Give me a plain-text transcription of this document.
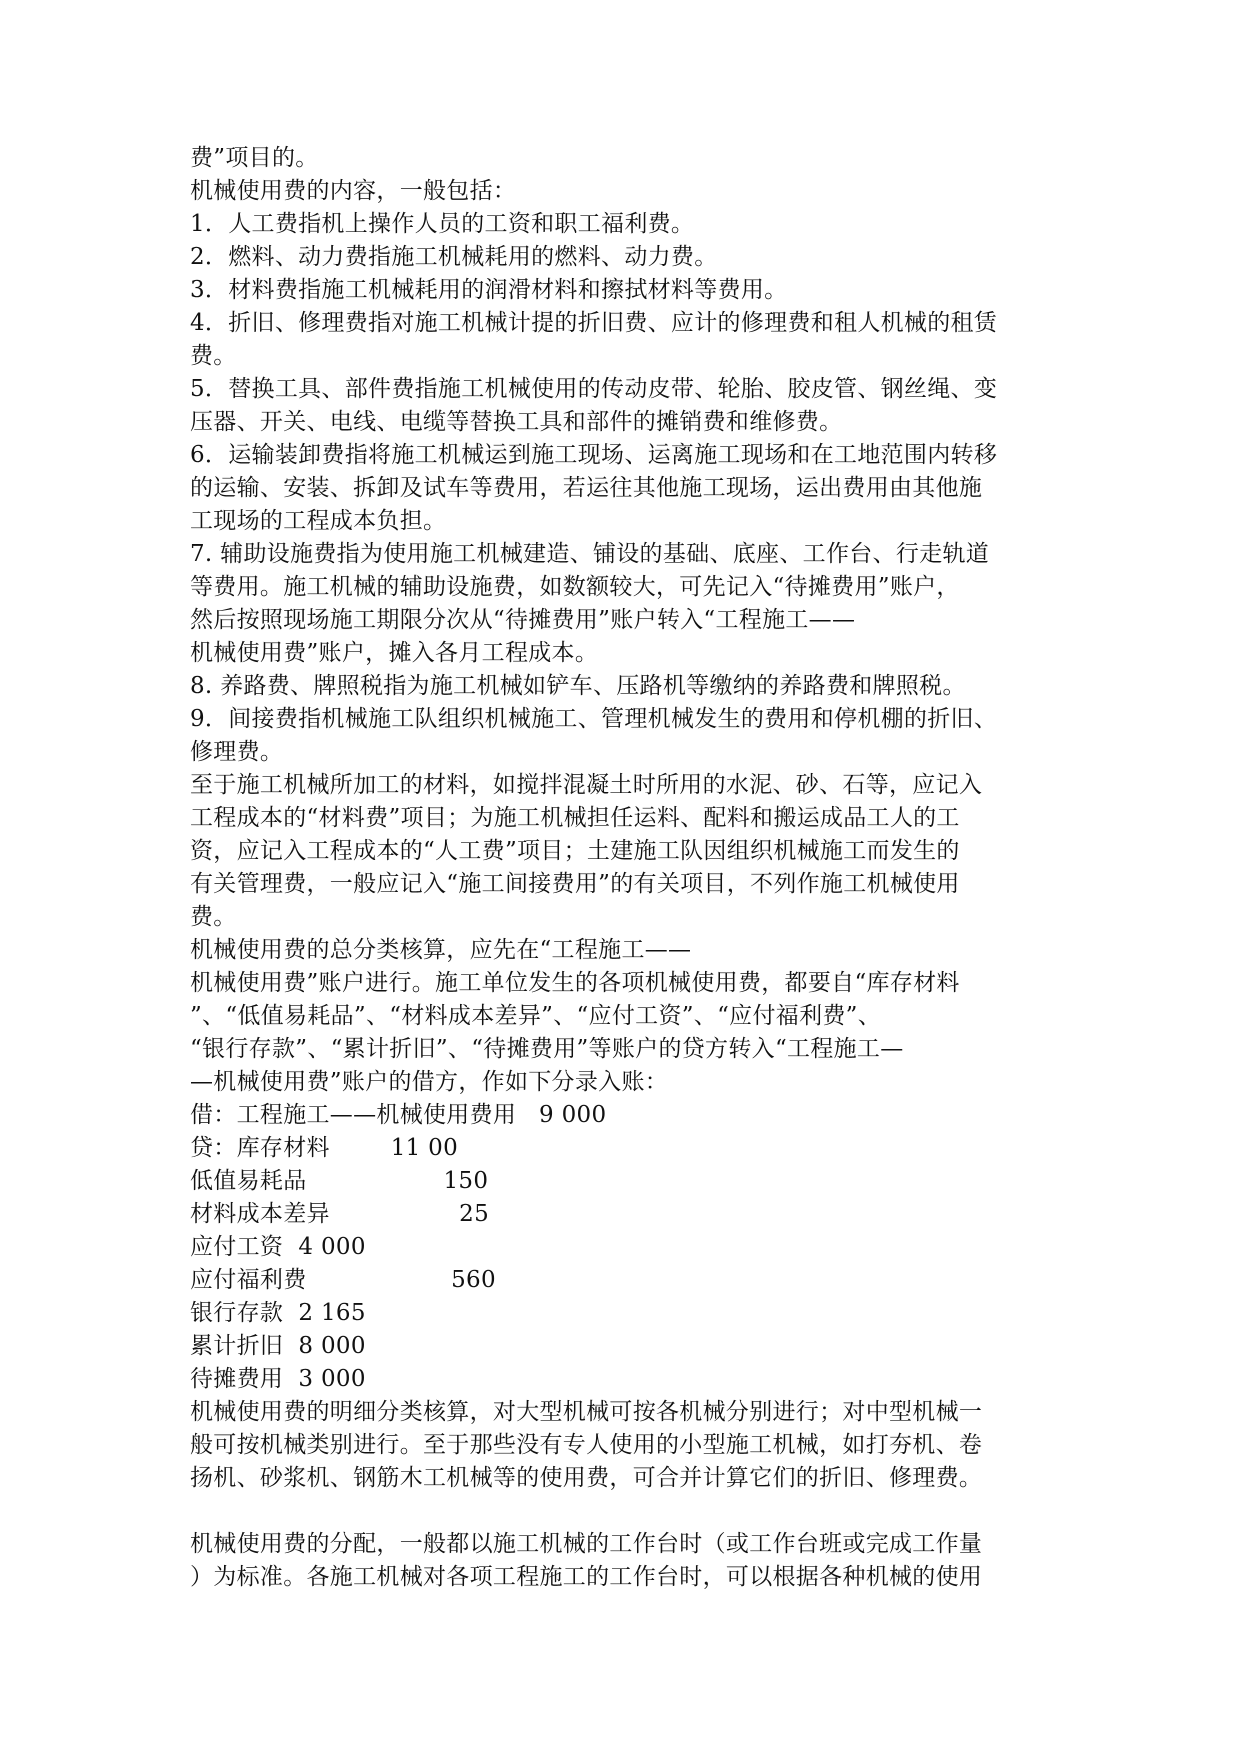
费”项目的。
机械使用费的内容，一般包括：
1．人工费指机上操作人员的工资和职工福利费。
2．燃料、动力费指施工机械耗用的燃料、动力费。
3．材料费指施工机械耗用的润滑材料和擦拭材料等费用。
4．折旧、修理费指对施工机械计提的折旧费、应计的修理费和租人机械的租赁
费。
5．替换工具、部件费指施工机械使用的传动皮带、轮胎、胶皮管、钢丝绳、变
压器、开关、电线、电缆等替换工具和部件的摊销费和维修费。
6．运输装卸费指将施工机械运到施工现场、运离施工现场和在工地范围内转移
的运输、安装、拆卸及试车等费用，若运往其他施工现场，运出费用由其他施
工现场的工程成本负担。
7. 辅助设施费指为使用施工机械建造、铺设的基础、底座、工作台、行走轨道
等费用。施工机械的辅助设施费，如数额较大，可先记入“待摊费用”账户，
然后按照现场施工期限分次从“待摊费用”账户转入“工程施工——
机械使用费”账户，摊入各月工程成本。
8. 养路费、牌照税指为施工机械如铲车、压路机等缴纳的养路费和牌照税。
9．间接费指机械施工队组织机械施工、管理机械发生的费用和停机棚的折旧、
修理费。
至于施工机械所加工的材料，如搅拌混凝土时所用的水泥、砂、石等，应记入
工程成本的“材料费”项目；为施工机械担任运料、配料和搬运成品工人的工
资，应记入工程成本的“人工费”项目；土建施工队因组织机械施工而发生的
有关管理费，一般应记入“施工间接费用”的有关项目，不列作施工机械使用
费。
机械使用费的总分类核算，应先在“工程施工——
机械使用费”账户进行。施工单位发生的各项机械使用费，都要自“库存材料
”、“低值易耗品”、“材料成本差异”、“应付工资”、“应付福利费”、
“银行存款”、“累计折旧”、“待摊费用”等账户的贷方转入“工程施工—
—机械使用费”账户的借方，作如下分录入账：
借：工程施工——机械使用费用   9 000
贷：库存材料        11 00
低值易耗品                  150
材料成本差异                 25
应付工资  4 000
应付福利费                   560
银行存款  2 165
累计折旧  8 000
待摊费用  3 000
机械使用费的明细分类核算，对大型机械可按各机械分别进行；对中型机械一
般可按机械类别进行。至于那些没有专人使用的小型施工机械，如打夯机、卷
扬机、砂浆机、钢筋木工机械等的使用费，可合并计算它们的折旧、修理费。
机械使用费的分配，一般都以施工机械的工作台时（或工作台班或完成工作量
）为标准。各施工机械对各项工程施工的工作台时，可以根据各种机械的使用
